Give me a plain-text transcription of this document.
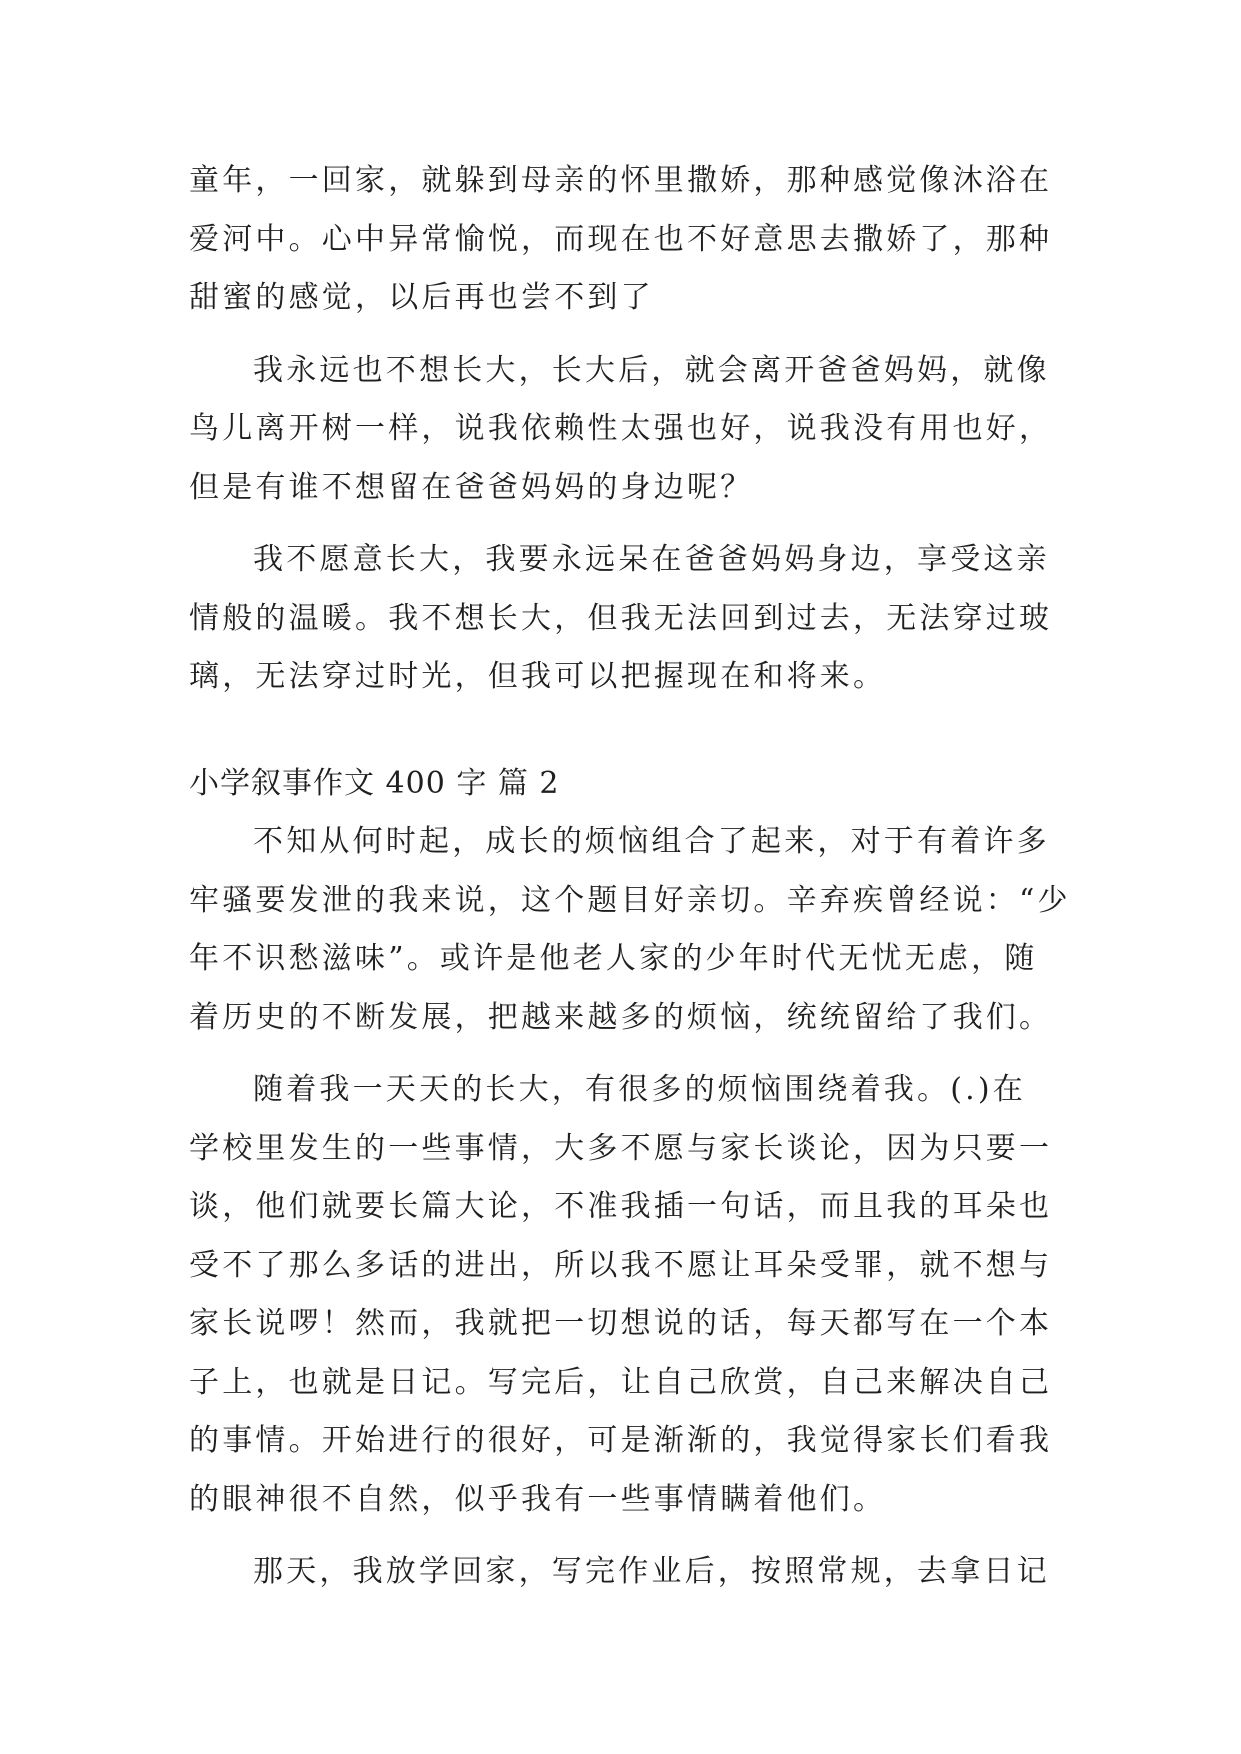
童年，一回家，就躲到母亲的怀里撒娇，那种感觉像沐浴在
爱河中。心中异常愉悦，而现在也不好意思去撒娇了，那种
甜蜜的感觉，以后再也尝不到了
我永远也不想长大，长大后，就会离开爸爸妈妈，就像
鸟儿离开树一样，说我依赖性太强也好，说我没有用也好，
但是有谁不想留在爸爸妈妈的身边呢？
我不愿意长大，我要永远呆在爸爸妈妈身边，享受这亲
情般的温暖。我不想长大，但我无法回到过去，无法穿过玻
璃，无法穿过时光，但我可以把握现在和将来。
小学叙事作文 400 字 篇 2
不知从何时起，成长的烦恼组合了起来，对于有着许多
牢骚要发泄的我来说，这个题目好亲切。辛弃疾曾经说：“少
年不识愁滋味”。或许是他老人家的少年时代无忧无虑，随
着历史的不断发展，把越来越多的烦恼，统统留给了我们。
随着我一天天的长大，有很多的烦恼围绕着我。(.)在
学校里发生的一些事情，大多不愿与家长谈论，因为只要一
谈，他们就要长篇大论，不准我插一句话，而且我的耳朵也
受不了那么多话的进出，所以我不愿让耳朵受罪，就不想与
家长说啰！然而，我就把一切想说的话，每天都写在一个本
子上，也就是日记。写完后，让自己欣赏，自己来解决自己
的事情。开始进行的很好，可是渐渐的，我觉得家长们看我
的眼神很不自然，似乎我有一些事情瞒着他们。
那天，我放学回家，写完作业后，按照常规，去拿日记
